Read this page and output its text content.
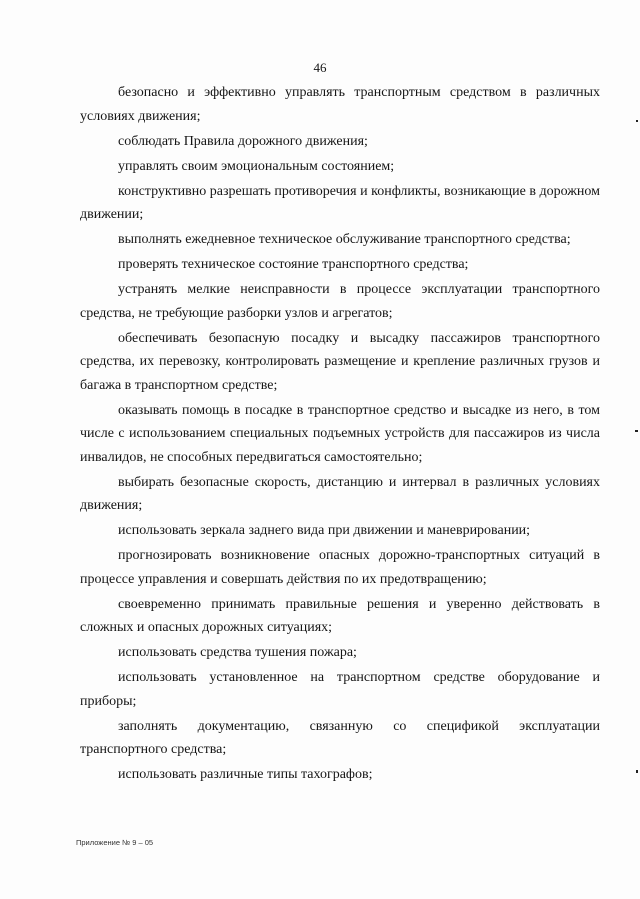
46

безопасно и эффективно управлять транспортным средством в различных условиях движения;

соблюдать Правила дорожного движения;

управлять своим эмоциональным состоянием;

конструктивно разрешать противоречия и конфликты, возникающие в дорожном движении;

выполнять ежедневное техническое обслуживание транспортного средства;

проверять техническое состояние транспортного средства;

устранять мелкие неисправности в процессе эксплуатации транспортного средства, не требующие разборки узлов и агрегатов;

обеспечивать безопасную посадку и высадку пассажиров транспортного средства, их перевозку, контролировать размещение и крепление различных грузов и багажа в транспортном средстве;

оказывать помощь в посадке в транспортное средство и высадке из него, в том числе с использованием специальных подъемных устройств для пассажиров из числа инвалидов, не способных передвигаться самостоятельно;

выбирать безопасные скорость, дистанцию и интервал в различных условиях движения;

использовать зеркала заднего вида при движении и маневрировании;

прогнозировать возникновение опасных дорожно-транспортных ситуаций в процессе управления и совершать действия по их предотвращению;

своевременно принимать правильные решения и уверенно действовать в сложных и опасных дорожных ситуациях;

использовать средства тушения пожара;

использовать установленное на транспортном средстве оборудование и приборы;

заполнять документацию, связанную со спецификой эксплуатации транспортного средства;

использовать различные типы тахографов;

Приложение № 9 – 05
